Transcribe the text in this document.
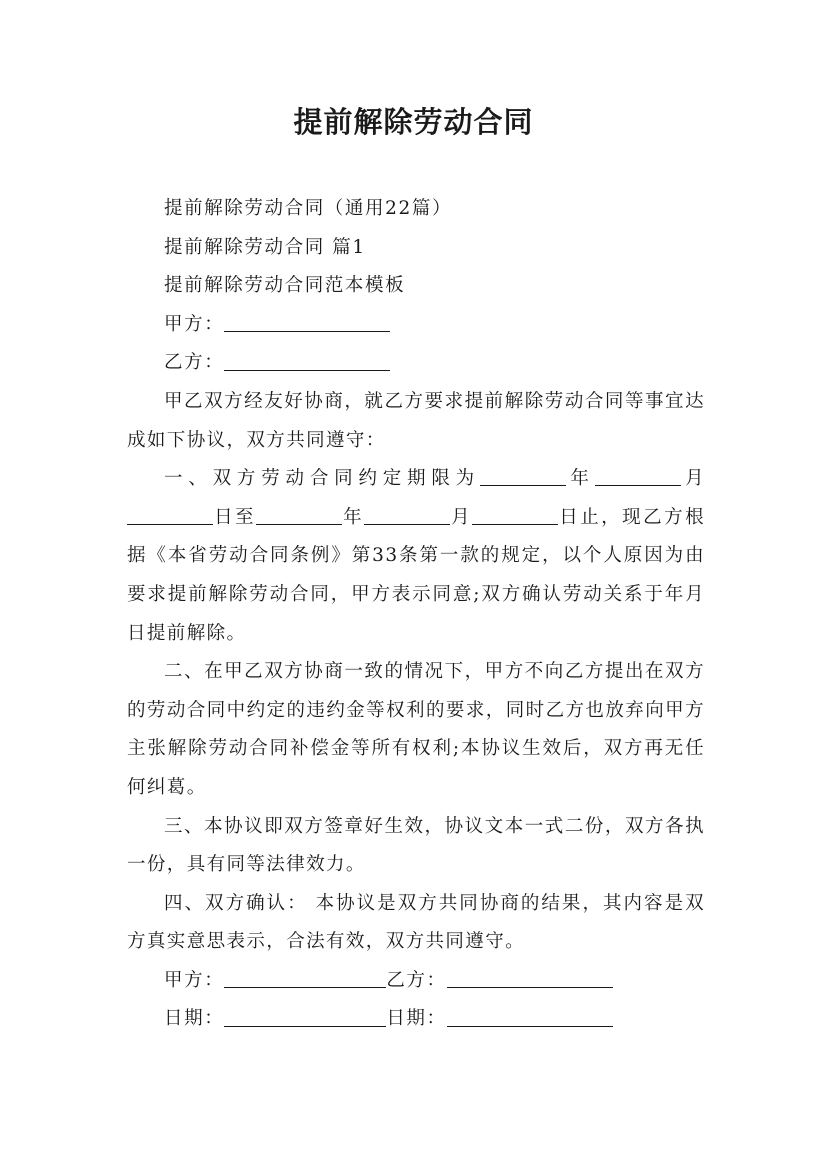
提前解除劳动合同

提前解除劳动合同（通用22篇）

提前解除劳动合同 篇1

提前解除劳动合同范本模板

甲方：

乙方：

甲乙双方经友好协商，就乙方要求提前解除劳动合同等事宜达成如下协议，双方共同遵守：

一、双方劳动合同约定期限为	年	月日至	年	月	日止，现乙方根据《本省劳动合同条例》第33条第一款的规定，以个人原因为由要求提前解除劳动合同，甲方表示同意;双方确认劳动关系于年月日提前解除。

二、在甲乙双方协商一致的情况下，甲方不向乙方提出在双方的劳动合同中约定的违约金等权利的要求，同时乙方也放弃向甲方主张解除劳动合同补偿金等所有权利;本协议生效后，双方再无任何纠葛。

三、本协议即双方签章好生效，协议文本一式二份，双方各执一份，具有同等法律效力。

四、双方确认： 本协议是双方共同协商的结果，其内容是双方真实意思表示，合法有效，双方共同遵守。

甲方：	乙方：

日期：	日期：
